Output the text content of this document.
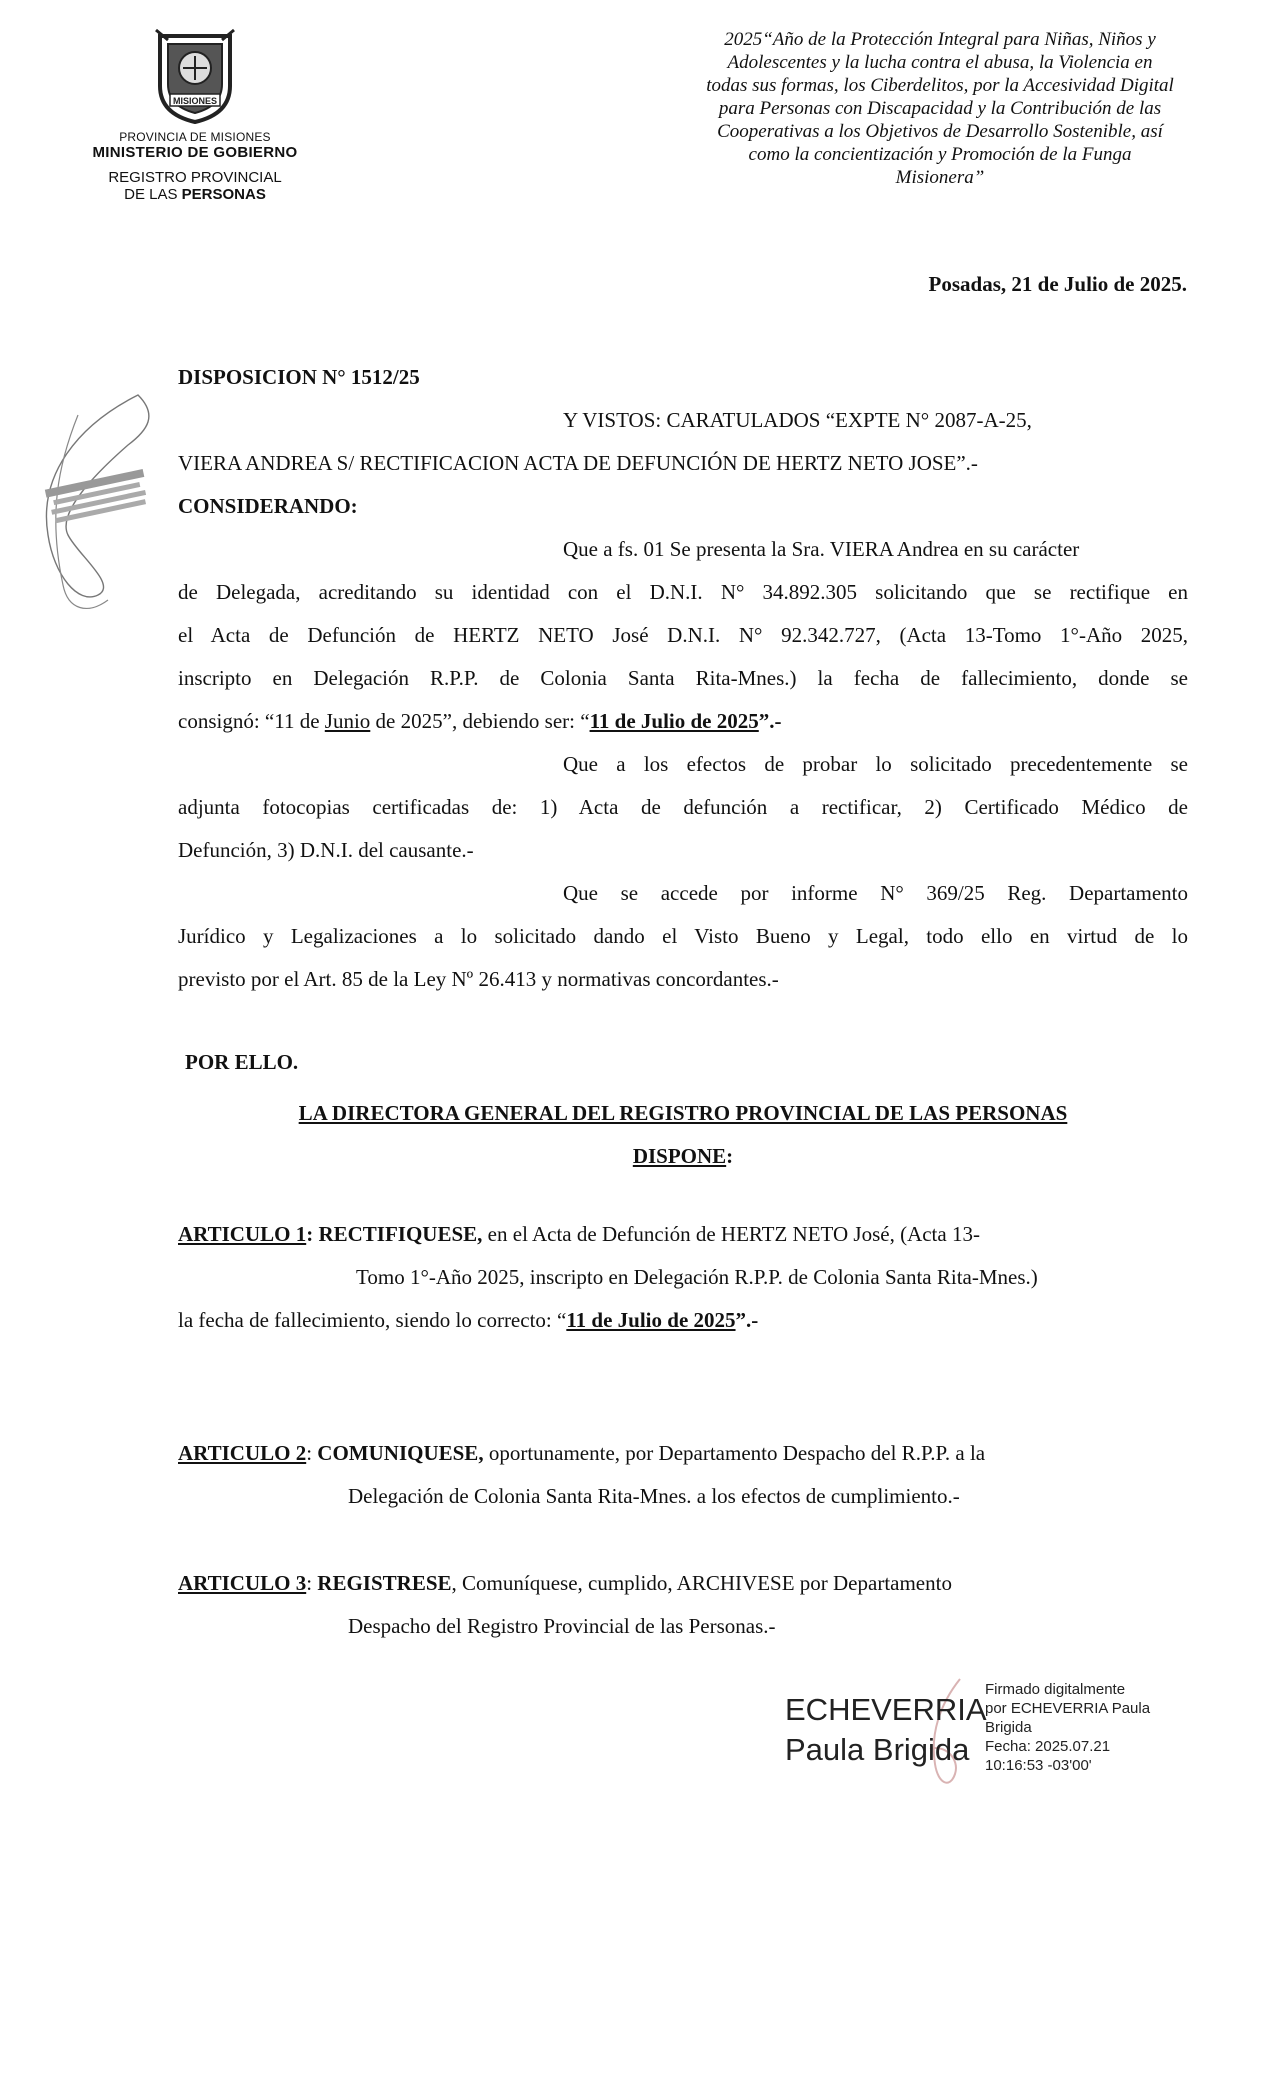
MISIONES
PROVINCIA DE MISIONES
MINISTERIO DE GOBIERNO
REGISTRO PROVINCIAL
DE LAS PERSONAS
2025“Año de la Protección Integral para Niñas, Niños y
Adolescentes y la lucha contra el abusa, la Violencia en
todas sus formas, los Ciberdelitos, por la Accesividad Digital
para Personas con Discapacidad y la Contribución de las
Cooperativas a los Objetivos de Desarrollo Sostenible, así
como la concientización y Promoción de la Funga
Misionera”
Posadas, 21 de Julio de 2025.
DISPOSICION N° 1512/25
Y VISTOS: CARATULADOS “EXPTE N° 2087-A-25,
VIERA ANDREA S/ RECTIFICACION ACTA DE DEFUNCIÓN DE HERTZ NETO JOSE”.-
CONSIDERANDO:
Que a fs. 01 Se presenta la Sra. VIERA Andrea en su carácter
de Delegada, acreditando su identidad con el D.N.I. N° 34.892.305 solicitando que se rectifique en
el Acta de Defunción de HERTZ NETO José D.N.I. N° 92.342.727, (Acta 13-Tomo 1°-Año 2025,
inscripto en Delegación R.P.P. de Colonia Santa Rita-Mnes.) la fecha de fallecimiento, donde se
consignó: “11 de Junio de 2025”, debiendo ser: “11 de Julio de 2025”.-
Que a los efectos de probar lo solicitado precedentemente se
adjunta fotocopias certificadas de: 1) Acta de defunción a rectificar, 2) Certificado Médico de
Defunción, 3) D.N.I. del causante.-
Que se accede por informe N° 369/25 Reg. Departamento
Jurídico y Legalizaciones a lo solicitado dando el Visto Bueno y Legal, todo ello en virtud de lo
previsto por el Art. 85 de la Ley Nº 26.413 y normativas concordantes.-
POR ELLO.
LA DIRECTORA GENERAL DEL REGISTRO PROVINCIAL DE LAS PERSONAS
DISPONE:
ARTICULO 1: RECTIFIQUESE, en el Acta de Defunción de HERTZ NETO José, (Acta 13-
Tomo 1°-Año 2025, inscripto en Delegación R.P.P. de Colonia Santa Rita-Mnes.)
la fecha de fallecimiento, siendo lo correcto: “11 de Julio de 2025”.-
ARTICULO 2: COMUNIQUESE, oportunamente, por Departamento Despacho del R.P.P. a la
Delegación de Colonia Santa Rita-Mnes. a los efectos de cumplimiento.-
ARTICULO 3: REGISTRESE, Comuníquese, cumplido, ARCHIVESE por Departamento
Despacho del Registro Provincial de las Personas.-
ECHEVERRIA
Paula Brigida
Firmado digitalmente
por ECHEVERRIA Paula
Brigida
Fecha: 2025.07.21
10:16:53 -03'00'
